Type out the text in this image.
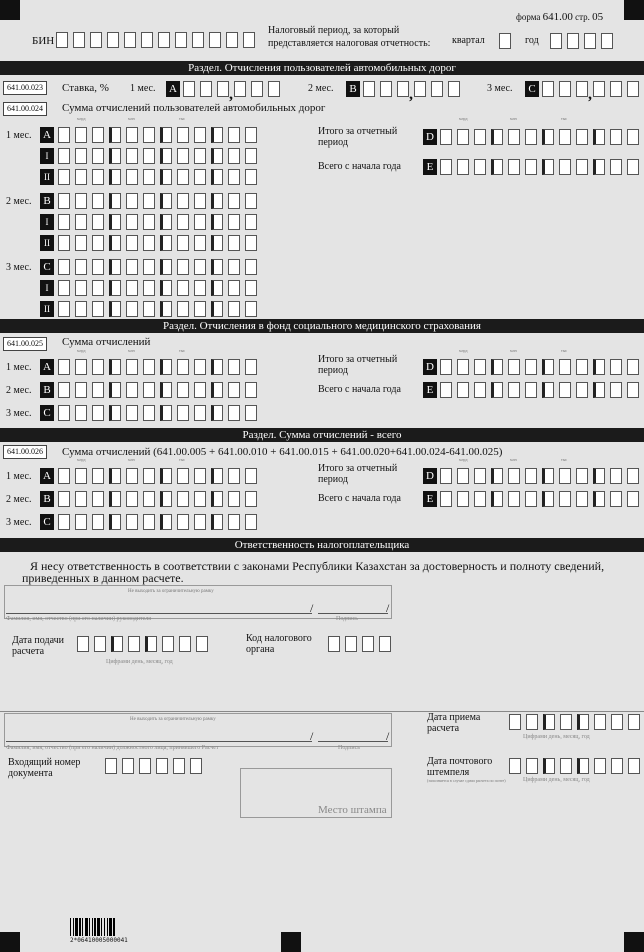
форма 641.00 стр. 05
БИН
Налоговый период, за который
представляется налоговая отчетность: квартал	год
Раздел. Отчисления пользователей автомобильных дорог
641.00.023	Ставка, % 1 мес. A	,	2 мес.	B	,	3 мес.	C	,
641.00.024	Сумма отчислений пользователей автомобильных дорог
млрд	млн	тыс	млрд	млн	тыс
1 мес. A
I
II
2 мес.	B
I
II
3 мес.	C
I
II
Итого за отчетный
период	D
Всего с начала года	E
Раздел. Отчисления в фонд социального медицинского страхования
641.00.025	Сумма отчислений
млрд	млн	тыс	млрд	млн	тыс
1 мес. A
2 мес.	B
3 мес.	C
Итого за отчетный
период	D
Всего с начала года	E
Раздел. Сумма отчислений - всего
641.00.026	Сумма отчислений (641.00.005 + 641.00.010 + 641.00.015 + 641.00.020+641.00.024-641.00.025)
млрд	млн	тыс	млрд	млн	тыс
1 мес. A
2 мес.	B
3 мес.	C
Итого за отчетный
период	D
Всего с начала года	E
Ответственность налогоплательщика
Я несу ответственность в соответствии с законами Республики Казахстан за достоверность и полноту сведений,
приведенных в данном расчете.
Не выходить за ограничительную рамку
/	/
Фамилия, имя, отчество (при его наличии) руководителя	Подпись
Дата подачи
расчета
Цифрами день, месяц, год
Код налогового
органа
Не выходить за ограничительную рамку
/	/
Фамилия, имя, отчество (при его наличии) должностного лица, принявшего Расчет	Подпись
Дата приема
расчета
Цифрами день, месяц, год
Входящий номер
документа
Дата почтового
штемпеля
(заполняется в случае сдачи расчета по почте)	Цифрами день, месяц, год
Место штампа
2*06410005000041
